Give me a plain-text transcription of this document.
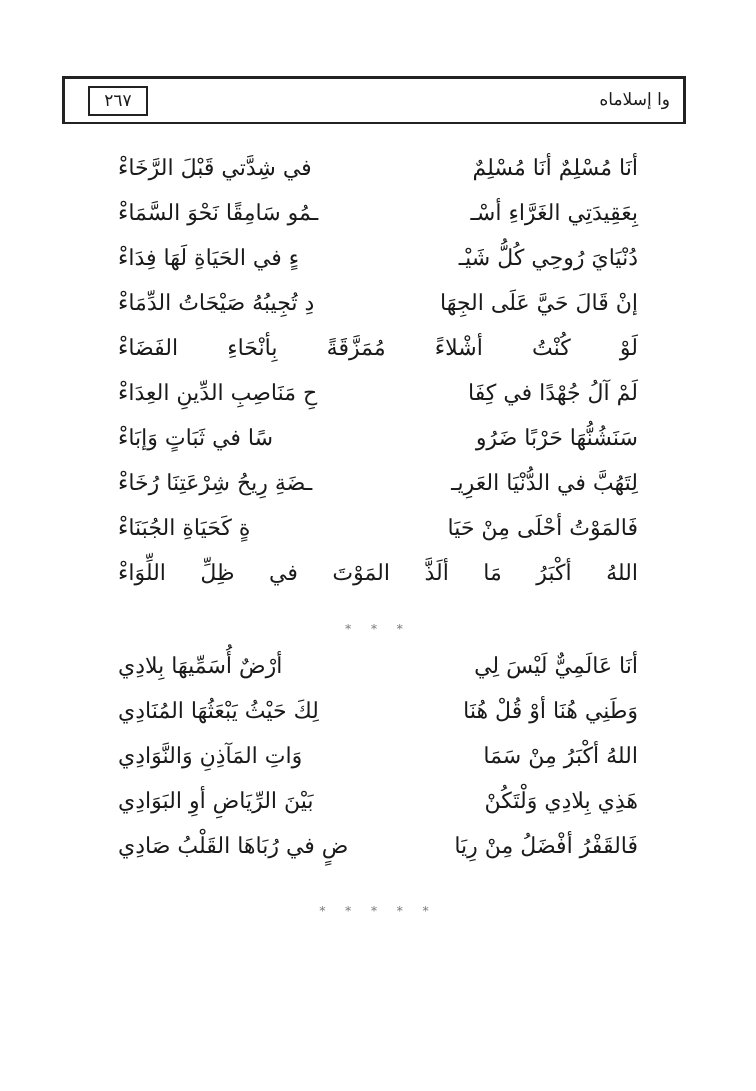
٢٦٧	وا إسلاماه
أنَا مُسْلِمٌ أنَا مُسْلِمٌ
في شِدَّتي قَبْلَ الرَّخَاءْ
بِعَقِيدَتِي الغَرَّاءِ أسْـ
ـمُو سَامِقًا نَحْوَ السَّمَاءْ
دُنْيَايَ رُوحِي كُلُّ شَيْـ
ءٍ في الحَيَاةِ لَهَا فِدَاءْ
إنْ قَالَ حَيَّ عَلَى الجِهَا
دِ تُجِيبُهُ صَيْحَاتُ الدِّمَاءْ
لَوْ كُنْتُ أشْلاءً مُمَزَّقَةً بِأنْحَاءِ الفَضَاءْ
لَمْ آلُ جُهْدًا في كِفَا
حِ مَنَاصِبِ الدِّينِ العِدَاءْ
سَنَشُنُّهَا حَرْبًا ضَرُو
سًا في ثَبَاتٍ وَإبَاءْ
لِتَهُبَّ في الدُّنْيَا العَرِيـ
ـضَةِ رِيحُ شِرْعَتِنَا رُخَاءْ
فَالمَوْتُ أحْلَى مِنْ حَيَا
ةٍ كَحَيَاةِ الجُبَنَاءْ
اللهُ أكْبَرُ مَا ألَذَّ المَوْتَ في ظِلِّ اللِّوَاءْ
* * *
أنَا عَالَمِيٌّ لَيْسَ لِي
أرْضٌ أُسَمِّيهَا بِلادِي
وَطَنِي هُنَا أوْ قُلْ هُنَا
لِكَ حَيْثُ يَبْعَثُهَا المُنَادِي
اللهُ أكْبَرُ مِنْ سَمَا
وَاتِ المَآذِنِ وَالنَّوَادِي
هَذِي بِلادِي وَلْتَكُنْ
بَيْنَ الرِّيَاضِ أوِ البَوَادِي
فَالقَفْرُ أفْضَلُ مِنْ رِيَا
ضٍ في رُبَاهَا القَلْبُ صَادِي
* * * * *
